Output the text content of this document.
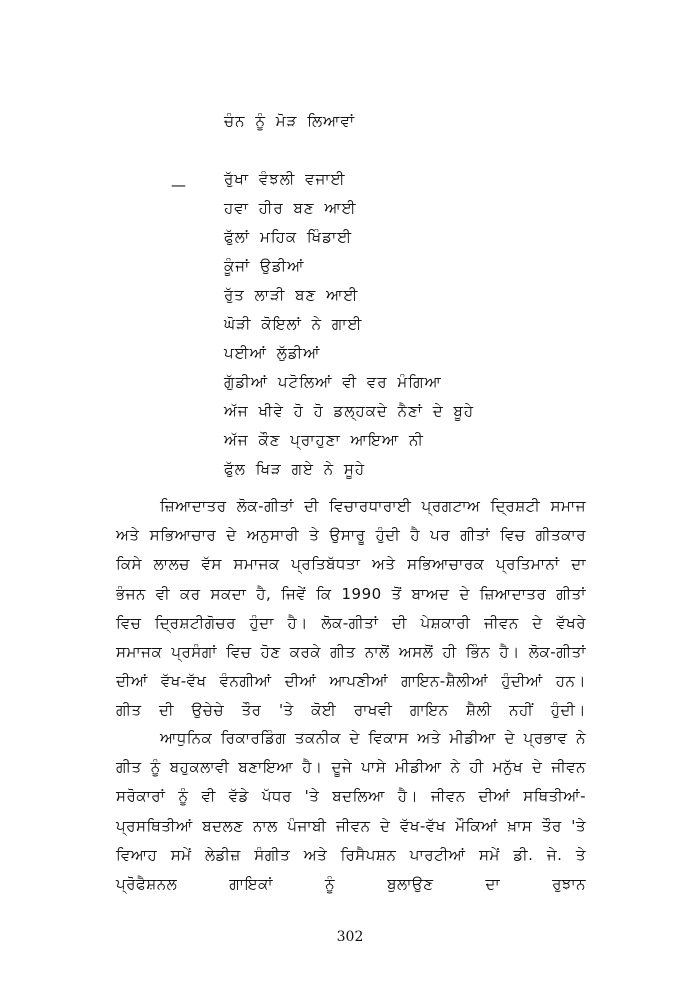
ਚੰਨ ਨੂੰ ਮੋੜ ਲਿਆਵਾਂ
—	ਰੁੱਖਾ ਵੰਝਲੀ ਵਜਾਈ
ਹਵਾ ਹੀਰ ਬਣ ਆਈ
ਫੁੱਲਾਂ ਮਹਿਕ ਖਿੰਡਾਈ
ਕੂੰਜਾਂ ਉਡੀਆਂ
ਰੁੱਤ ਲਾੜੀ ਬਣ ਆਈ
ਘੋੜੀ ਕੋਇਲਾਂ ਨੇ ਗਾਈ
ਪਈਆਂ ਲੁੱਡੀਆਂ
ਗੁੱਡੀਆਂ ਪਟੋਲਿਆਂ ਵੀ ਵਰ ਮੰਗਿਆ
ਅੱਜ ਖੀਵੇ ਹੋ ਹੋ ਡਲ੍ਹਕਦੇ ਨੈਣਾਂ ਦੇ ਬੂਹੇ
ਅੱਜ ਕੌਣ ਪ੍ਰਾਹੁਣਾ ਆਇਆ ਨੀ
ਫੁੱਲ ਖਿੜ ਗਏ ਨੇ ਸੂਹੇ

ਜ਼ਿਆਦਾਤਰ ਲੋਕ-ਗੀਤਾਂ ਦੀ ਵਿਚਾਰਧਾਰਾਈ ਪ੍ਰਗਟਾਅ ਦ੍ਰਿਸ਼ਟੀ ਸਮਾਜ ਅਤੇ ਸਭਿਆਚਾਰ ਦੇ ਅਨੁਸਾਰੀ ਤੇ ਉਸਾਰੂ ਹੁੰਦੀ ਹੈ ਪਰ ਗੀਤਾਂ ਵਿਚ ਗੀਤਕਾਰ ਕਿਸੇ ਲਾਲਚ ਵੱਸ ਸਮਾਜਕ ਪ੍ਰਤਿਬੱਧਤਾ ਅਤੇ ਸਭਿਆਚਾਰਕ ਪ੍ਰਤਿਮਾਨਾਂ ਦਾ ਭੰਜਨ ਵੀ ਕਰ ਸਕਦਾ ਹੈ, ਜਿਵੇਂ ਕਿ 1990 ਤੋਂ ਬਾਅਦ ਦੇ ਜ਼ਿਆਦਾਤਰ ਗੀਤਾਂ ਵਿਚ ਦ੍ਰਿਸ਼ਟੀਗੋਚਰ ਹੁੰਦਾ ਹੈ। ਲੋਕ-ਗੀਤਾਂ ਦੀ ਪੇਸ਼ਕਾਰੀ ਜੀਵਨ ਦੇ ਵੱਖਰੇ ਸਮਾਜਕ ਪ੍ਰਸੰਗਾਂ ਵਿਚ ਹੋਣ ਕਰਕੇ ਗੀਤ ਨਾਲੋਂ ਅਸਲੋਂ ਹੀ ਭਿੰਨ ਹੈ। ਲੋਕ-ਗੀਤਾਂ ਦੀਆਂ ਵੱਖ-ਵੱਖ ਵੰਨਗੀਆਂ ਦੀਆਂ ਆਪਣੀਆਂ ਗਾਇਨ-ਸ਼ੈਲੀਆਂ ਹੁੰਦੀਆਂ ਹਨ। ਗੀਤ ਦੀ ਉਚੇਚੇ ਤੌਰ 'ਤੇ ਕੋਈ ਰਾਖਵੀ ਗਾਇਨ ਸ਼ੈਲੀ ਨਹੀਂ ਹੁੰਦੀ।

ਆਧੁਨਿਕ ਰਿਕਾਰਡਿੰਗ ਤਕਨੀਕ ਦੇ ਵਿਕਾਸ ਅਤੇ ਮੀਡੀਆ ਦੇ ਪ੍ਰਭਾਵ ਨੇ ਗੀਤ ਨੂੰ ਬਹੁਕਲਾਵੀ ਬਣਾਇਆ ਹੈ। ਦੂਜੇ ਪਾਸੇ ਮੀਡੀਆ ਨੇ ਹੀ ਮਨੁੱਖ ਦੇ ਜੀਵਨ ਸਰੋਕਾਰਾਂ ਨੂੰ ਵੀ ਵੱਡੇ ਪੱਧਰ 'ਤੇ ਬਦਲਿਆ ਹੈ। ਜੀਵਨ ਦੀਆਂ ਸਥਿਤੀਆਂ-ਪ੍ਰਸਥਿਤੀਆਂ ਬਦਲਣ ਨਾਲ ਪੰਜਾਬੀ ਜੀਵਨ ਦੇ ਵੱਖ-ਵੱਖ ਮੌਕਿਆਂ ਖ਼ਾਸ ਤੌਰ 'ਤੇ ਵਿਆਹ ਸਮੇਂ ਲੇਡੀਜ਼ ਸੰਗੀਤ ਅਤੇ ਰਿਸੈਪਸ਼ਨ ਪਾਰਟੀਆਂ ਸਮੇਂ ਡੀ. ਜੇ. ਤੇ ਪ੍ਰੋਫੈਸ਼ਨਲ ਗਾਇਕਾਂ ਨੂੰ ਬੁਲਾਉਣ ਦਾ ਰੁਝਾਨ

302
